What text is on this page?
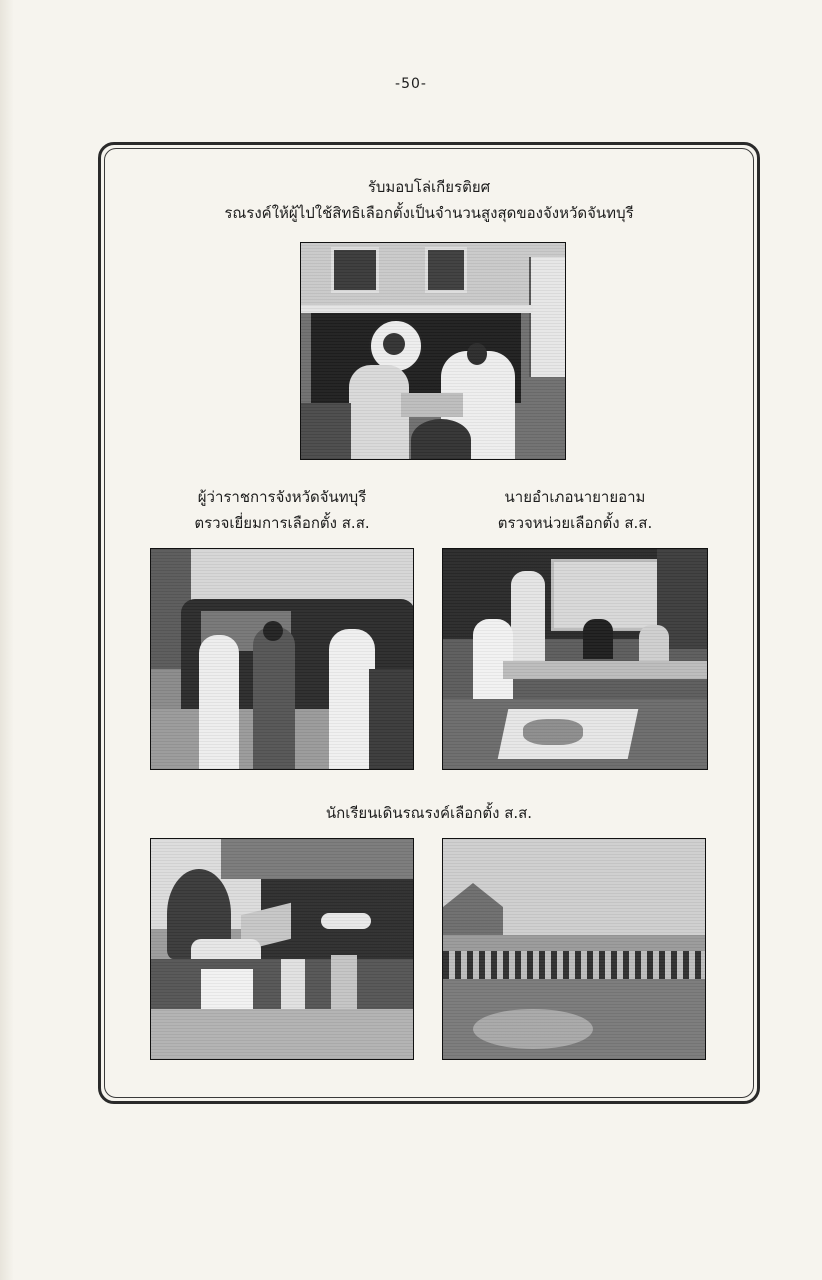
-50-
รับมอบโล่เกียรติยศ
รณรงค์ให้ผู้ไปใช้สิทธิเลือกตั้งเป็นจำนวนสูงสุดของจังหวัดจันทบุรี
ผู้ว่าราชการจังหวัดจันทบุรี
ตรวจเยี่ยมการเลือกตั้ง ส.ส.
นายอำเภอนายายอาม
ตรวจหน่วยเลือกตั้ง ส.ส.
นักเรียนเดินรณรงค์เลือกตั้ง ส.ส.
